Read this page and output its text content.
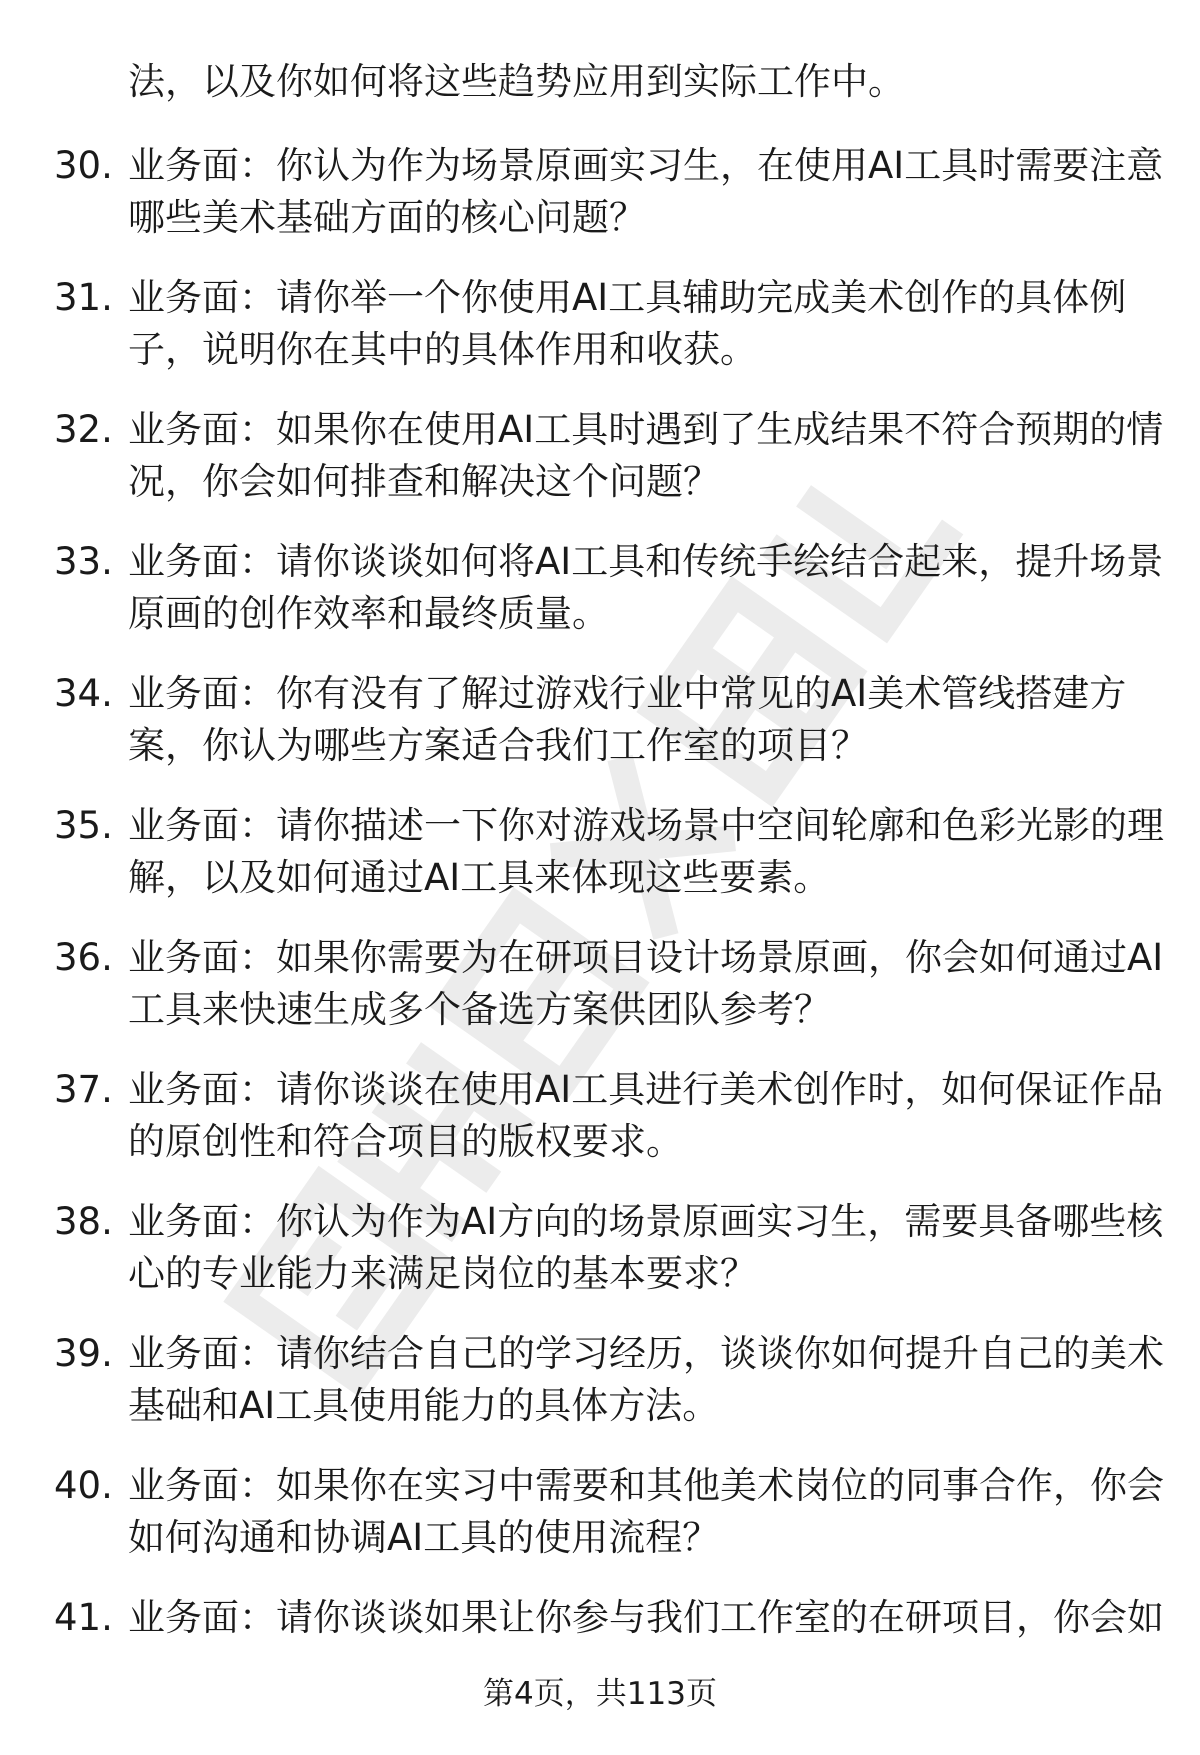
法，以及你如何将这些趋势应用到实际工作中。
30. 业务面：你认为作为场景原画实习生，在使用AI工具时需要注意
哪些美术基础方面的核心问题？
31. 业务面：请你举一个你使用AI工具辅助完成美术创作的具体例
子，说明你在其中的具体作用和收获。
32. 业务面：如果你在使用AI工具时遇到了生成结果不符合预期的情
况，你会如何排查和解决这个问题？
33. 业务面：请你谈谈如何将AI工具和传统手绘结合起来，提升场景
原画的创作效率和最终质量。
34. 业务面：你有没有了解过游戏行业中常见的AI美术管线搭建方
案，你认为哪些方案适合我们工作室的项目？
35. 业务面：请你描述一下你对游戏场景中空间轮廓和色彩光影的理
解，以及如何通过AI工具来体现这些要素。
36. 业务面：如果你需要为在研项目设计场景原画，你会如何通过AI
工具来快速生成多个备选方案供团队参考？
37. 业务面：请你谈谈在使用AI工具进行美术创作时，如何保证作品
的原创性和符合项目的版权要求。
38. 业务面：你认为作为AI方向的场景原画实习生，需要具备哪些核
心的专业能力来满足岗位的基本要求？
39. 业务面：请你结合自己的学习经历，谈谈你如何提升自己的美术
基础和AI工具使用能力的具体方法。
40. 业务面：如果你在实习中需要和其他美术岗位的同事合作，你会
如何沟通和协调AI工具的使用流程？
41. 业务面：请你谈谈如果让你参与我们工作室的在研项目，你会如
第4页，共113页
